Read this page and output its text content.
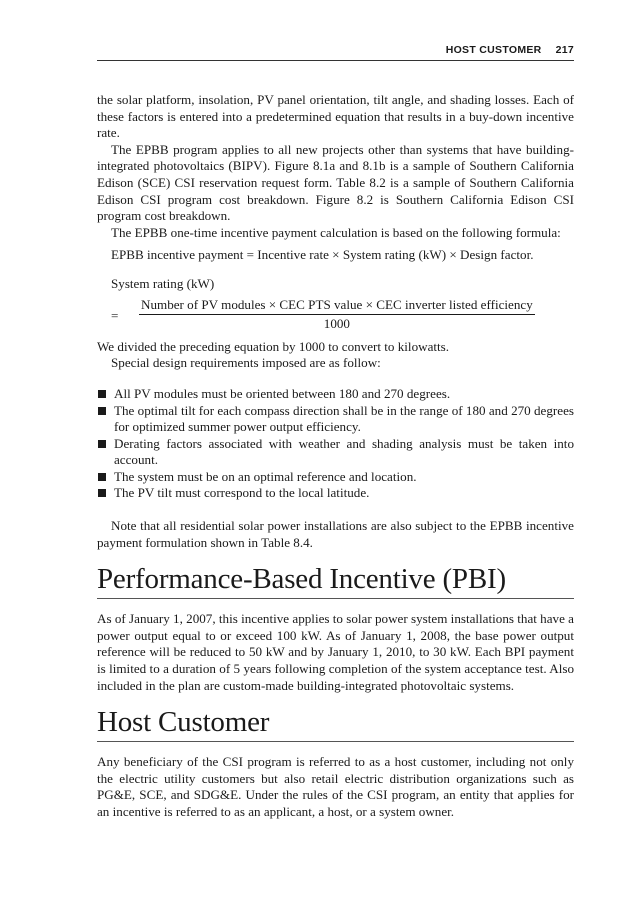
HOST CUSTOMER 217

the solar platform, insolation, PV panel orientation, tilt angle, and shading losses. Each of these factors is entered into a predetermined equation that results in a buy-down incentive rate.

The EPBB program applies to all new projects other than systems that have building-integrated photovoltaics (BIPV). Figure 8.1a and 8.1b is a sample of Southern California Edison (SCE) CSI reservation request form. Table 8.2 is a sample of Southern California Edison CSI program cost breakdown. Figure 8.2 is Southern California Edison CSI program cost breakdown.

The EPBB one-time incentive payment calculation is based on the following formula:

EPBB incentive payment = Incentive rate × System rating (kW) × Design factor.

System rating (kW)

=
Number of PV modules × CEC PTS value × CEC inverter listed efficiency
1000

We divided the preceding equation by 1000 to convert to kilowatts.

Special design requirements imposed are as follow:

All PV modules must be oriented between 180 and 270 degrees.
The optimal tilt for each compass direction shall be in the range of 180 and 270 degrees for optimized summer power output efficiency.
Derating factors associated with weather and shading analysis must be taken into account.
The system must be on an optimal reference and location.
The PV tilt must correspond to the local latitude.

Note that all residential solar power installations are also subject to the EPBB incentive payment formulation shown in Table 8.4.

Performance-Based Incentive (PBI)

As of January 1, 2007, this incentive applies to solar power system installations that have a power output equal to or exceed 100 kW. As of January 1, 2008, the base power output reference will be reduced to 50 kW and by January 1, 2010, to 30 kW. Each BPI payment is limited to a duration of 5 years following completion of the system acceptance test. Also included in the plan are custom-made building-integrated photovoltaic systems.

Host Customer

Any beneficiary of the CSI program is referred to as a host customer, including not only the electric utility customers but also retail electric distribution organizations such as PG&E, SCE, and SDG&E. Under the rules of the CSI program, an entity that applies for an incentive is referred to as an applicant, a host, or a system owner.
